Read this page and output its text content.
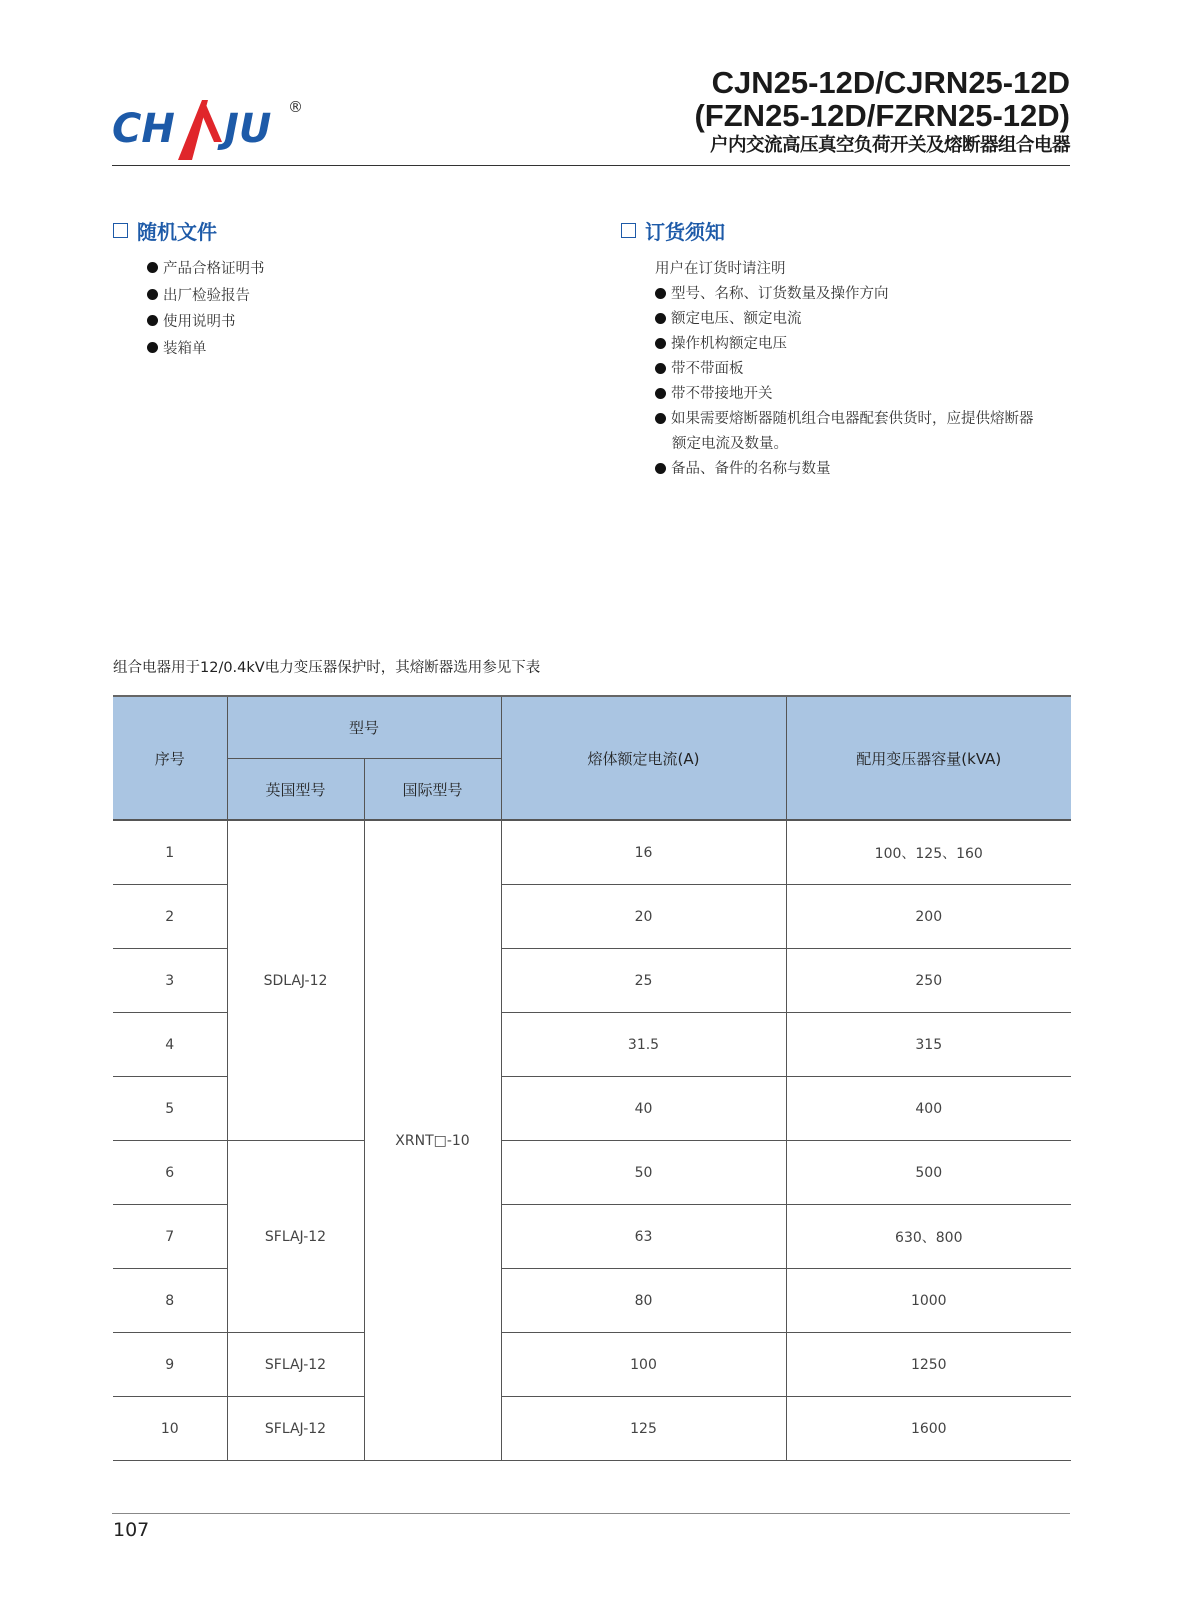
CH JU ®
CJN25-12D/CJRN25-12D
(FZN25-12D/FZRN25-12D)
户内交流高压真空负荷开关及熔断器组合电器
随机文件
产品合格证明书
出厂检验报告
使用说明书
装箱单
订货须知
用户在订货时请注明
型号、名称、订货数量及操作方向
额定电压、额定电流
操作机构额定电压
带不带面板
带不带接地开关
如果需要熔断器随机组合电器配套供货时，应提供熔断器
额定电流及数量。
备品、备件的名称与数量
组合电器用于12/0.4kV电力变压器保护时，其熔断器选用参见下表
序号	型号		熔体额定电流(A)	配用变压器容量(kVA)
	英国型号	国际型号		
1	SDLAJ-12	XRNT□-10	16	100、125、160
2			20	200
3			25	250
4			31.5	315
5			40	400
6	SFLAJ-12		50	500
7			63	630、800
8			80	1000
9	SFLAJ-12		100	1250
10	SFLAJ-12		125	1600
107
